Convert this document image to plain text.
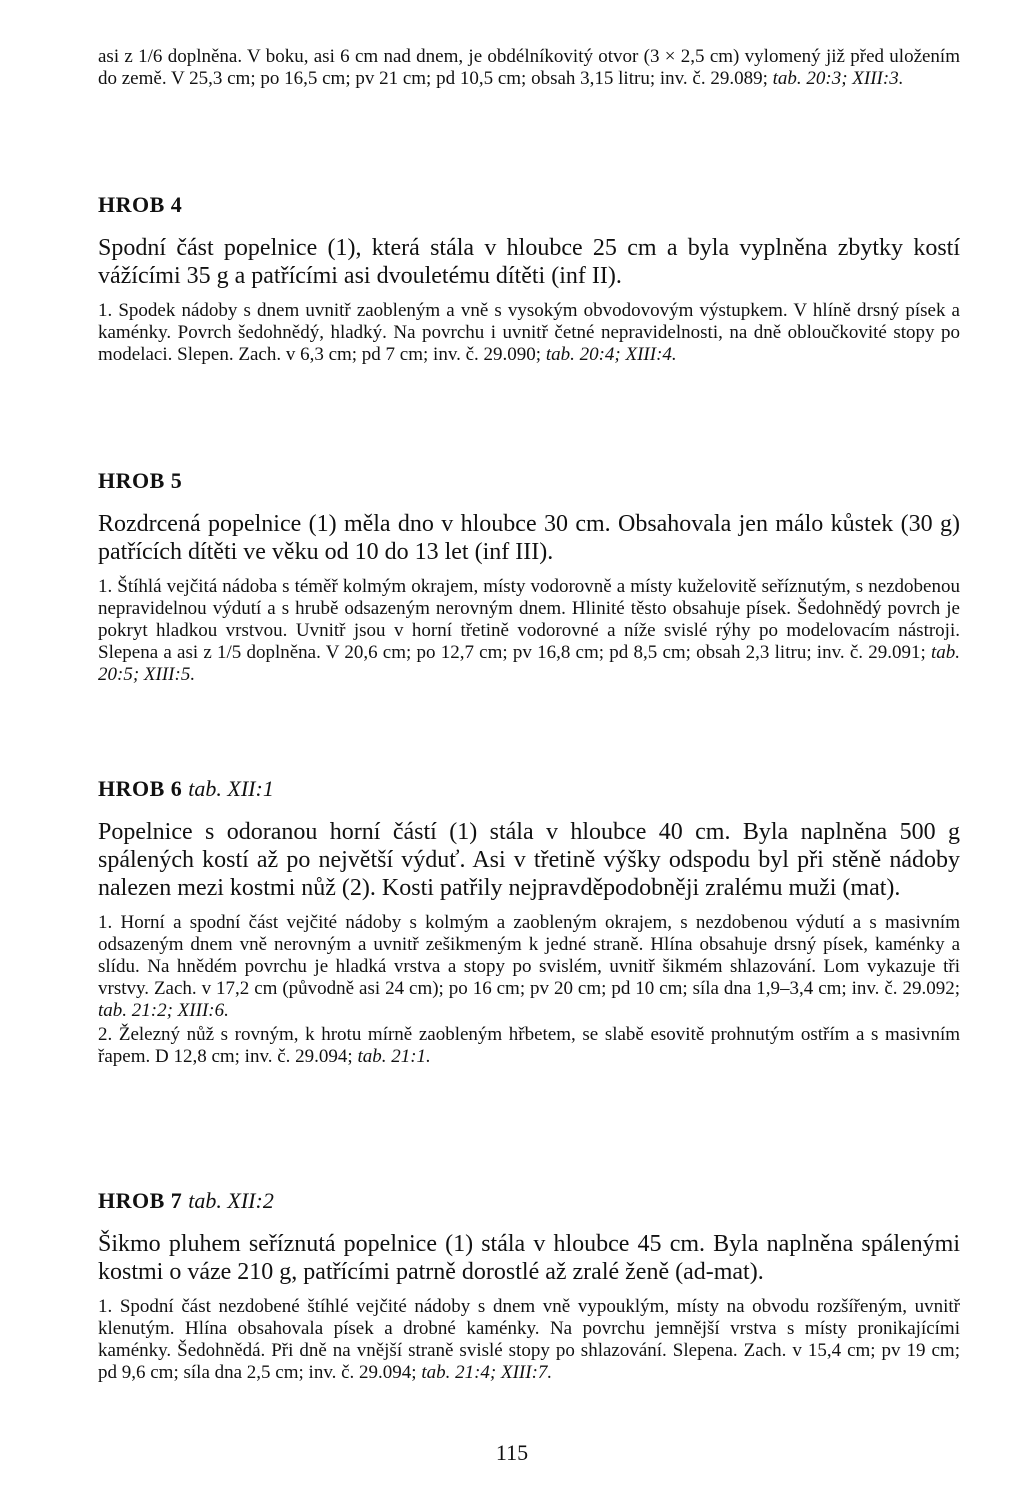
asi z 1/6 doplněna. V boku, asi 6 cm nad dnem, je obdélníkovitý otvor (3 × 2,5 cm) vylomený již před uložením do země. V 25,3 cm; po 16,5 cm; pv 21 cm; pd 10,5 cm; obsah 3,15 litru; inv. č. 29.089; tab. 20:3; XIII:3.

HROB 4

Spodní část popelnice (1), která stála v hloubce 25 cm a byla vyplněna zbytky kostí vážícími 35 g a patřícími asi dvouletému dítěti (inf II).

1. Spodek nádoby s dnem uvnitř zaobleným a vně s vysokým obvodovovým výstupkem. V hlíně drsný písek a kaménky. Povrch šedohnědý, hladký. Na povrchu i uvnitř četné nepravidelnosti, na dně obloučkovité stopy po modelaci. Slepen. Zach. v 6,3 cm; pd 7 cm; inv. č. 29.090; tab. 20:4; XIII:4.

HROB 5

Rozdrcená popelnice (1) měla dno v hloubce 30 cm. Obsahovala jen málo kůstek (30 g) patřících dítěti ve věku od 10 do 13 let (inf III).

1. Štíhlá vejčitá nádoba s téměř kolmým okrajem, místy vodorovně a místy kuželovitě seříznutým, s nezdobenou nepravidelnou výdutí a s hrubě odsazeným nerovným dnem. Hlinité těsto obsahuje písek. Šedohnědý povrch je pokryt hladkou vrstvou. Uvnitř jsou v horní třetině vodorovné a níže svislé rýhy po modelovacím nástroji. Slepena a asi z 1/5 doplněna. V 20,6 cm; po 12,7 cm; pv 16,8 cm; pd 8,5 cm; obsah 2,3 litru; inv. č. 29.091; tab. 20:5; XIII:5.

HROB 6 tab. XII:1

Popelnice s odoranou horní částí (1) stála v hloubce 40 cm. Byla naplněna 500 g spálených kostí až po největší výduť. Asi v třetině výšky odspodu byl při stěně nádoby nalezen mezi kostmi nůž (2). Kosti patřily nejpravděpodobněji zralému muži (mat).

1. Horní a spodní část vejčité nádoby s kolmým a zaobleným okrajem, s nezdobenou výdutí a s masivním odsazeným dnem vně nerovným a uvnitř zešikmeným k jedné straně. Hlína obsahuje drsný písek, kaménky a slídu. Na hnědém povrchu je hladká vrstva a stopy po svislém, uvnitř šikmém shlazování. Lom vykazuje tři vrstvy. Zach. v 17,2 cm (původně asi 24 cm); po 16 cm; pv 20 cm; pd 10 cm; síla dna 1,9–3,4 cm; inv. č. 29.092; tab. 21:2; XIII:6.

2. Železný nůž s rovným, k hrotu mírně zaobleným hřbetem, se slabě esovitě prohnutým ostřím a s masivním řapem. D 12,8 cm; inv. č. 29.094; tab. 21:1.

HROB 7 tab. XII:2

Šikmo pluhem seříznutá popelnice (1) stála v hloubce 45 cm. Byla naplněna spálenými kostmi o váze 210 g, patřícími patrně dorostlé až zralé ženě (ad-mat).

1. Spodní část nezdobené štíhlé vejčité nádoby s dnem vně vypouklým, místy na obvodu rozšířeným, uvnitř klenutým. Hlína obsahovala písek a drobné kaménky. Na povrchu jemnější vrstva s místy pronikajícími kaménky. Šedohnědá. Při dně na vnější straně svislé stopy po shlazování. Slepena. Zach. v 15,4 cm; pv 19 cm; pd 9,6 cm; síla dna 2,5 cm; inv. č. 29.094; tab. 21:4; XIII:7.

115
